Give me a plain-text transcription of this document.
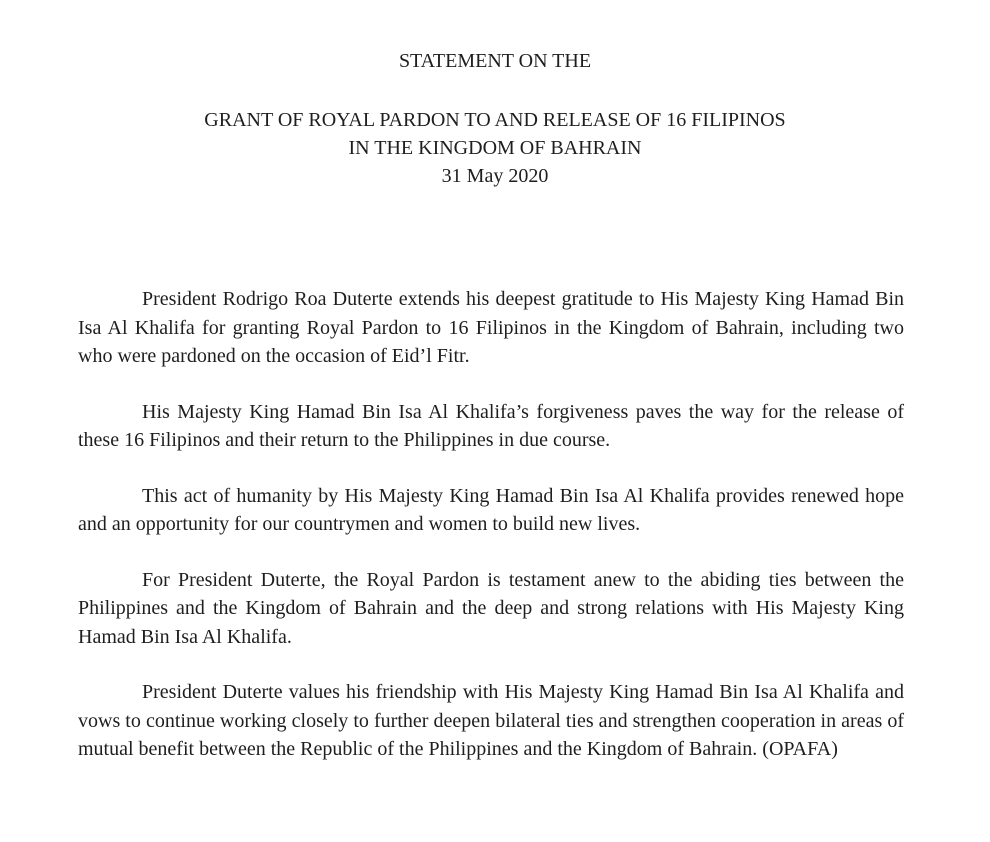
STATEMENT ON THE
GRANT OF ROYAL PARDON TO AND RELEASE OF 16 FILIPINOS
IN THE KINGDOM OF BAHRAIN
31 May 2020

President Rodrigo Roa Duterte extends his deepest gratitude to His Majesty King Hamad Bin Isa Al Khalifa for granting Royal Pardon to 16 Filipinos in the Kingdom of Bahrain, including two who were pardoned on the occasion of Eid’l Fitr.

His Majesty King Hamad Bin Isa Al Khalifa’s forgiveness paves the way for the release of these 16 Filipinos and their return to the Philippines in due course.

This act of humanity by His Majesty King Hamad Bin Isa Al Khalifa provides renewed hope and an opportunity for our countrymen and women to build new lives.

For President Duterte, the Royal Pardon is testament anew to the abiding ties between the Philippines and the Kingdom of Bahrain and the deep and strong relations with His Majesty King Hamad Bin Isa Al Khalifa.

President Duterte values his friendship with His Majesty King Hamad Bin Isa Al Khalifa and vows to continue working closely to further deepen bilateral ties and strengthen cooperation in areas of mutual benefit between the Republic of the Philippines and the Kingdom of Bahrain. (OPAFA)
